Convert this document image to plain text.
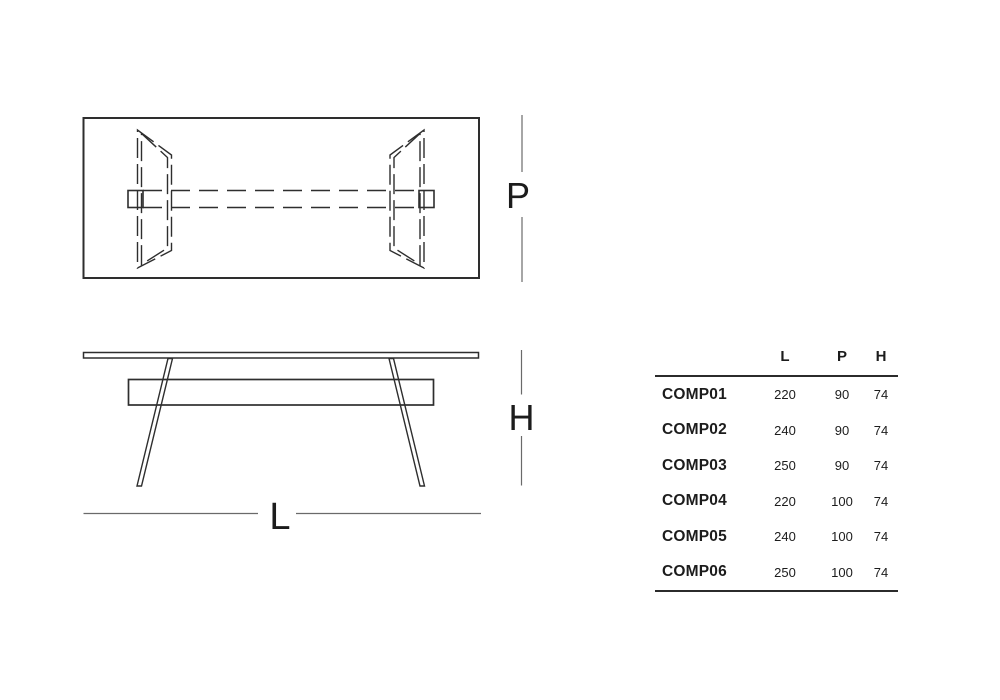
P
H
L
L	P	H
COMP01	220	90	74
COMP02	240	90	74
COMP03	250	90	74
COMP04	220	100	74
COMP05	240	100	74
COMP06	250	100	74
